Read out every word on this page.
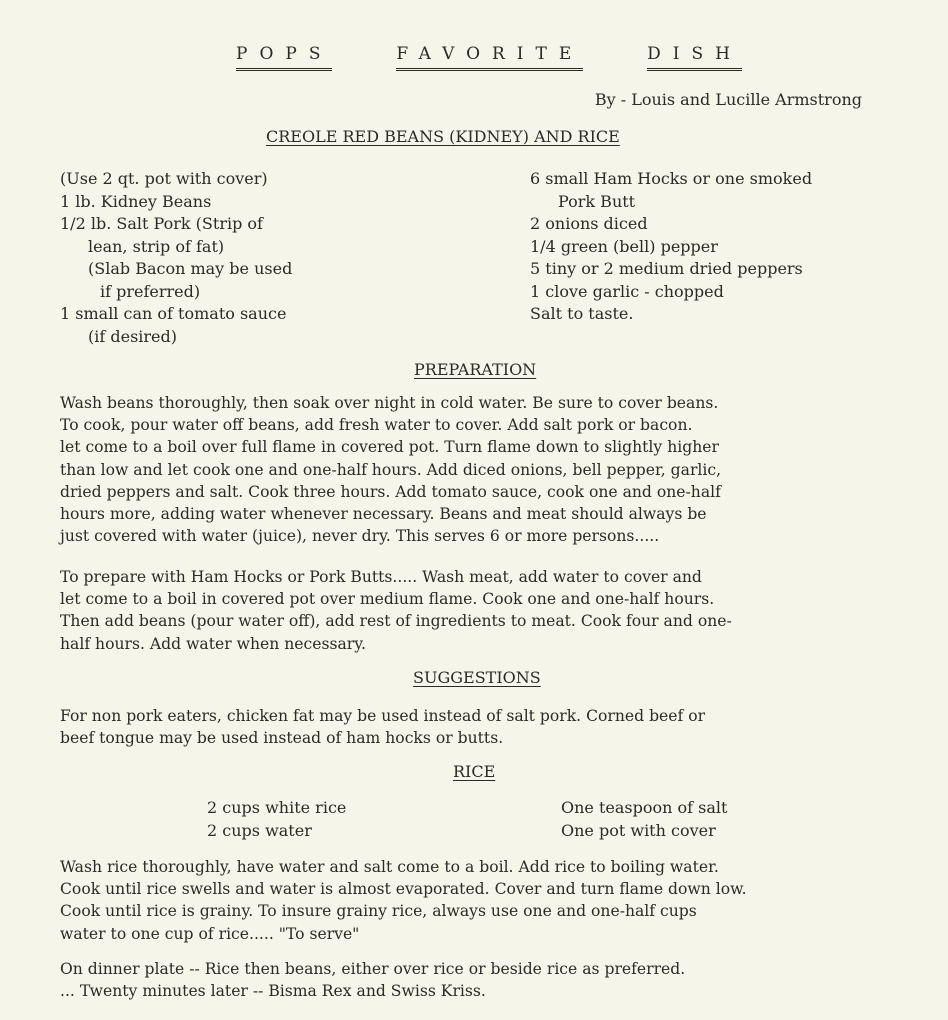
POPS	FAVORITE	DISH
By - Louis and Lucille Armstrong
CREOLE RED BEANS (KIDNEY) AND RICE
(Use 2 qt. pot with cover)
1 lb. Kidney Beans
1/2 lb. Salt Pork (Strip of
lean, strip of fat)
(Slab Bacon may be used
if preferred)
1 small can of tomato sauce
(if desired)
6 small Ham Hocks or one smoked
Pork Butt
2 onions diced
1/4 green (bell) pepper
5 tiny or 2 medium dried peppers
1 clove garlic - chopped
Salt to taste.
PREPARATION
Wash beans thoroughly, then soak over night in cold water. Be sure to cover beans.
To cook, pour water off beans, add fresh water to cover. Add salt pork or bacon.
let come to a boil over full flame in covered pot. Turn flame down to slightly higher
than low and let cook one and one-half hours. Add diced onions, bell pepper, garlic,
dried peppers and salt. Cook three hours. Add tomato sauce, cook one and one-half
hours more, adding water whenever necessary. Beans and meat should always be
just covered with water (juice), never dry. This serves 6 or more persons.....
To prepare with Ham Hocks or Pork Butts..... Wash meat, add water to cover and
let come to a boil in covered pot over medium flame. Cook one and one-half hours.
Then add beans (pour water off), add rest of ingredients to meat. Cook four and one-
half hours. Add water when necessary.
SUGGESTIONS
For non pork eaters, chicken fat may be used instead of salt pork. Corned beef or
beef tongue may be used instead of ham hocks or butts.
RICE
2 cups white rice
2 cups water
One teaspoon of salt
One pot with cover
Wash rice thoroughly, have water and salt come to a boil. Add rice to boiling water.
Cook until rice swells and water is almost evaporated. Cover and turn flame down low.
Cook until rice is grainy. To insure grainy rice, always use one and one-half cups
water to one cup of rice..... "To serve"
On dinner plate -- Rice then beans, either over rice or beside rice as preferred.
... Twenty minutes later -- Bisma Rex and Swiss Kriss.
